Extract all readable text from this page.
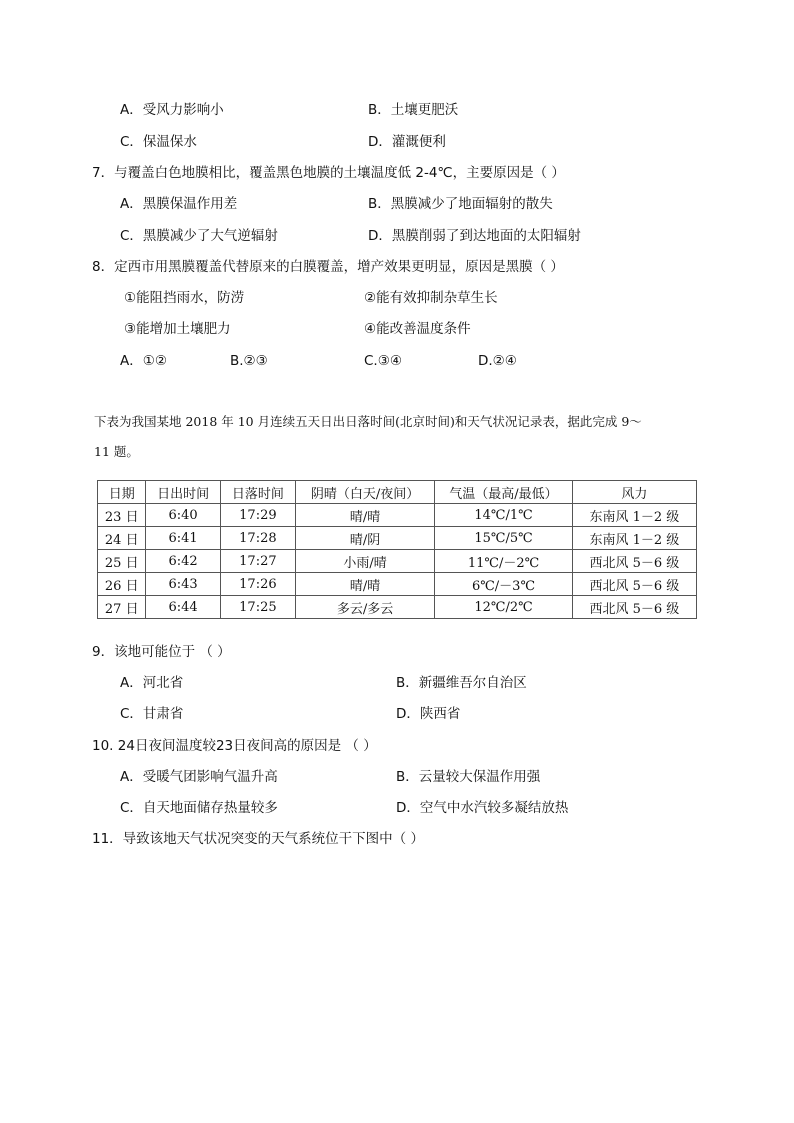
A．受风力影响小	B．土壤更肥沃
C．保温保水	D．灌溉便利
7．与覆盖白色地膜相比，覆盖黑色地膜的土壤温度低 2-4℃，主要原因是（ ）
A．黑膜保温作用差	B．黑膜减少了地面辐射的散失
C．黑膜减少了大气逆辐射	D．黑膜削弱了到达地面的太阳辐射
8．定西市用黑膜覆盖代替原来的白膜覆盖，增产效果更明显，原因是黑膜（ ）
①能阻挡雨水，防涝	②能有效抑制杂草生长
③能增加土壤肥力	④能改善温度条件
A．①②	B.②③	C.③④	D.②④
下表为我国某地 2018 年 10 月连续五天日出日落时间(北京时间)和天气状况记录表，据此完成 9～
11 题。
日期	日出时间	日落时间	阴晴（白天/夜间）	气温（最高/最低）	风力
23 日	6:40	17:29	晴/晴	14℃/1℃	东南风 1－2 级
24 日	6:41	17:28	晴/阴	15℃/5℃	东南风 1－2 级
25 日	6:42	17:27	小雨/晴	11℃/－2℃	西北风 5－6 级
26 日	6:43	17:26	晴/晴	6℃/－3℃	西北风 5－6 级
27 日	6:44	17:25	多云/多云	12℃/2℃	西北风 5－6 级
9．该地可能位于 （ ）
A．河北省	B．新疆维吾尔自治区
C．甘肃省	D．陕西省
10. 24日夜间温度较23日夜间高的原因是 （ ）
A．受暖气团影响气温升高	B．云量较大保温作用强
C．自天地面储存热量较多	D．空气中水汽较多凝结放热
11．导致该地天气状况突变的天气系统位干下图中（ ）
